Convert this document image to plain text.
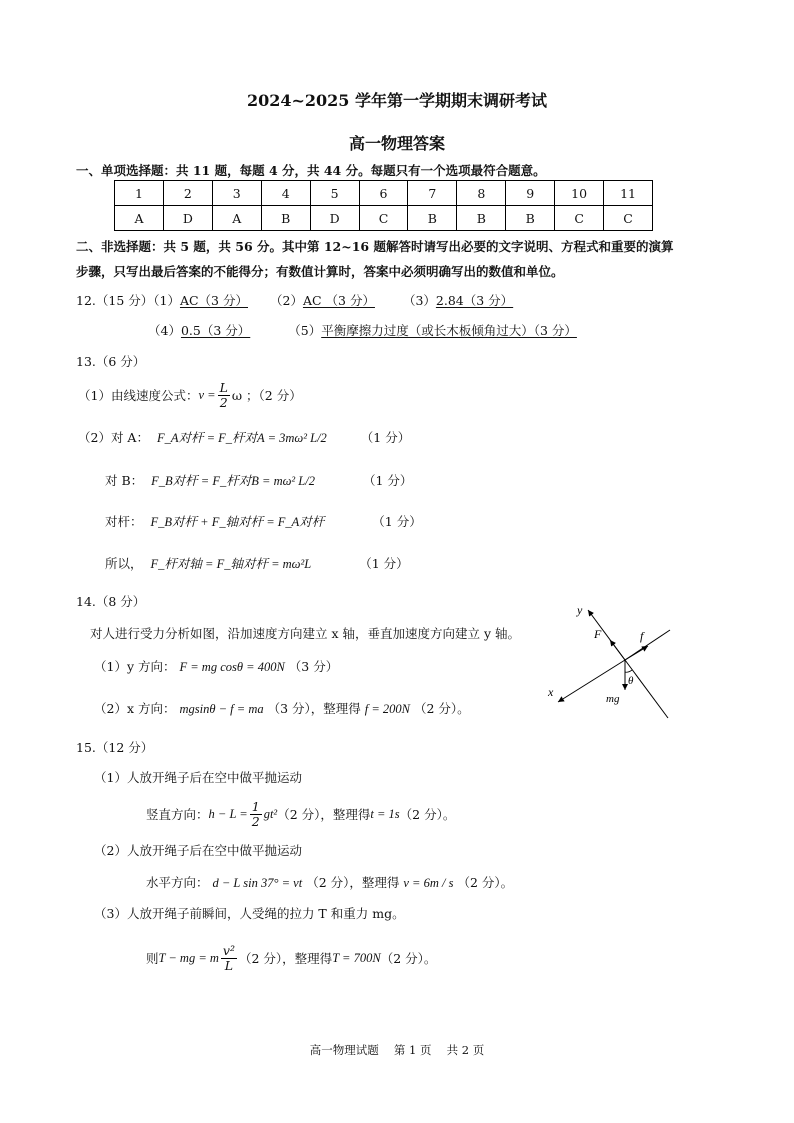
2024~2025 学年第一学期期末调研考试
高一物理答案
一、单项选择题：共 11 题，每题 4 分，共 44 分。每题只有一个选项最符合题意。
1	2	3	4	5	6	7	8	9	10	11
A	D	A	B	D	C	B	B	B	C	C
二、非选择题：共 5 题，共 56 分。其中第 12~16 题解答时请写出必要的文字说明、方程式和重要的演算
步骤，只写出最后答案的不能得分；有数值计算时，答案中必须明确写出的数值和单位。
12.（15 分）（1）AC（3 分） （2）AC （3 分） （3）2.84（3 分）
（4）0.5（3 分）	（5）平衡摩擦力过度（或长木板倾角过大）（3 分）
13.（6 分）
（1）由线速度公式： $v = \frac{L}{2}$ ω ；（2 分）
（2）对 A： F_A对杆 = F_杆对A = 3mω² L/2	（1 分）
对 B： F_B对杆 = F_杆对B = mω² L/2	（1 分）
对杆： F_B对杆 + F_轴对杆 = F_A对杆	（1 分）
所以， F_杆对轴 = F_轴对杆 = mω²L	（1 分）
14.（8 分）
对人进行受力分析如图，沿加速度方向建立 x 轴，垂直加速度方向建立 y 轴。
（1）y 方向： F = mg cosθ = 400N （3 分）
（2）x 方向： mgsinθ − f = ma （3 分），整理得 f = 200N （2 分）。
y
F	f
x
θ
mg
15.（12 分）
（1）人放开绳子后在空中做平抛运动
竖直方向： $h - L = \frac{1}{2} gt^2$ （2 分），整理得 t = 1s （2 分）。
（2）人放开绳子后在空中做平抛运动
水平方向： d − L sin 37° = vt （2 分），整理得 v = 6m / s （2 分）。
（3）人放开绳子前瞬间，人受绳的拉力 T 和重力 mg。
则 T − mg = m $\frac{\text{v²}}{L} (2$ 分），整理得 T = 700N （2 分）。
高一物理试题　 第 1 页　 共 2 页
